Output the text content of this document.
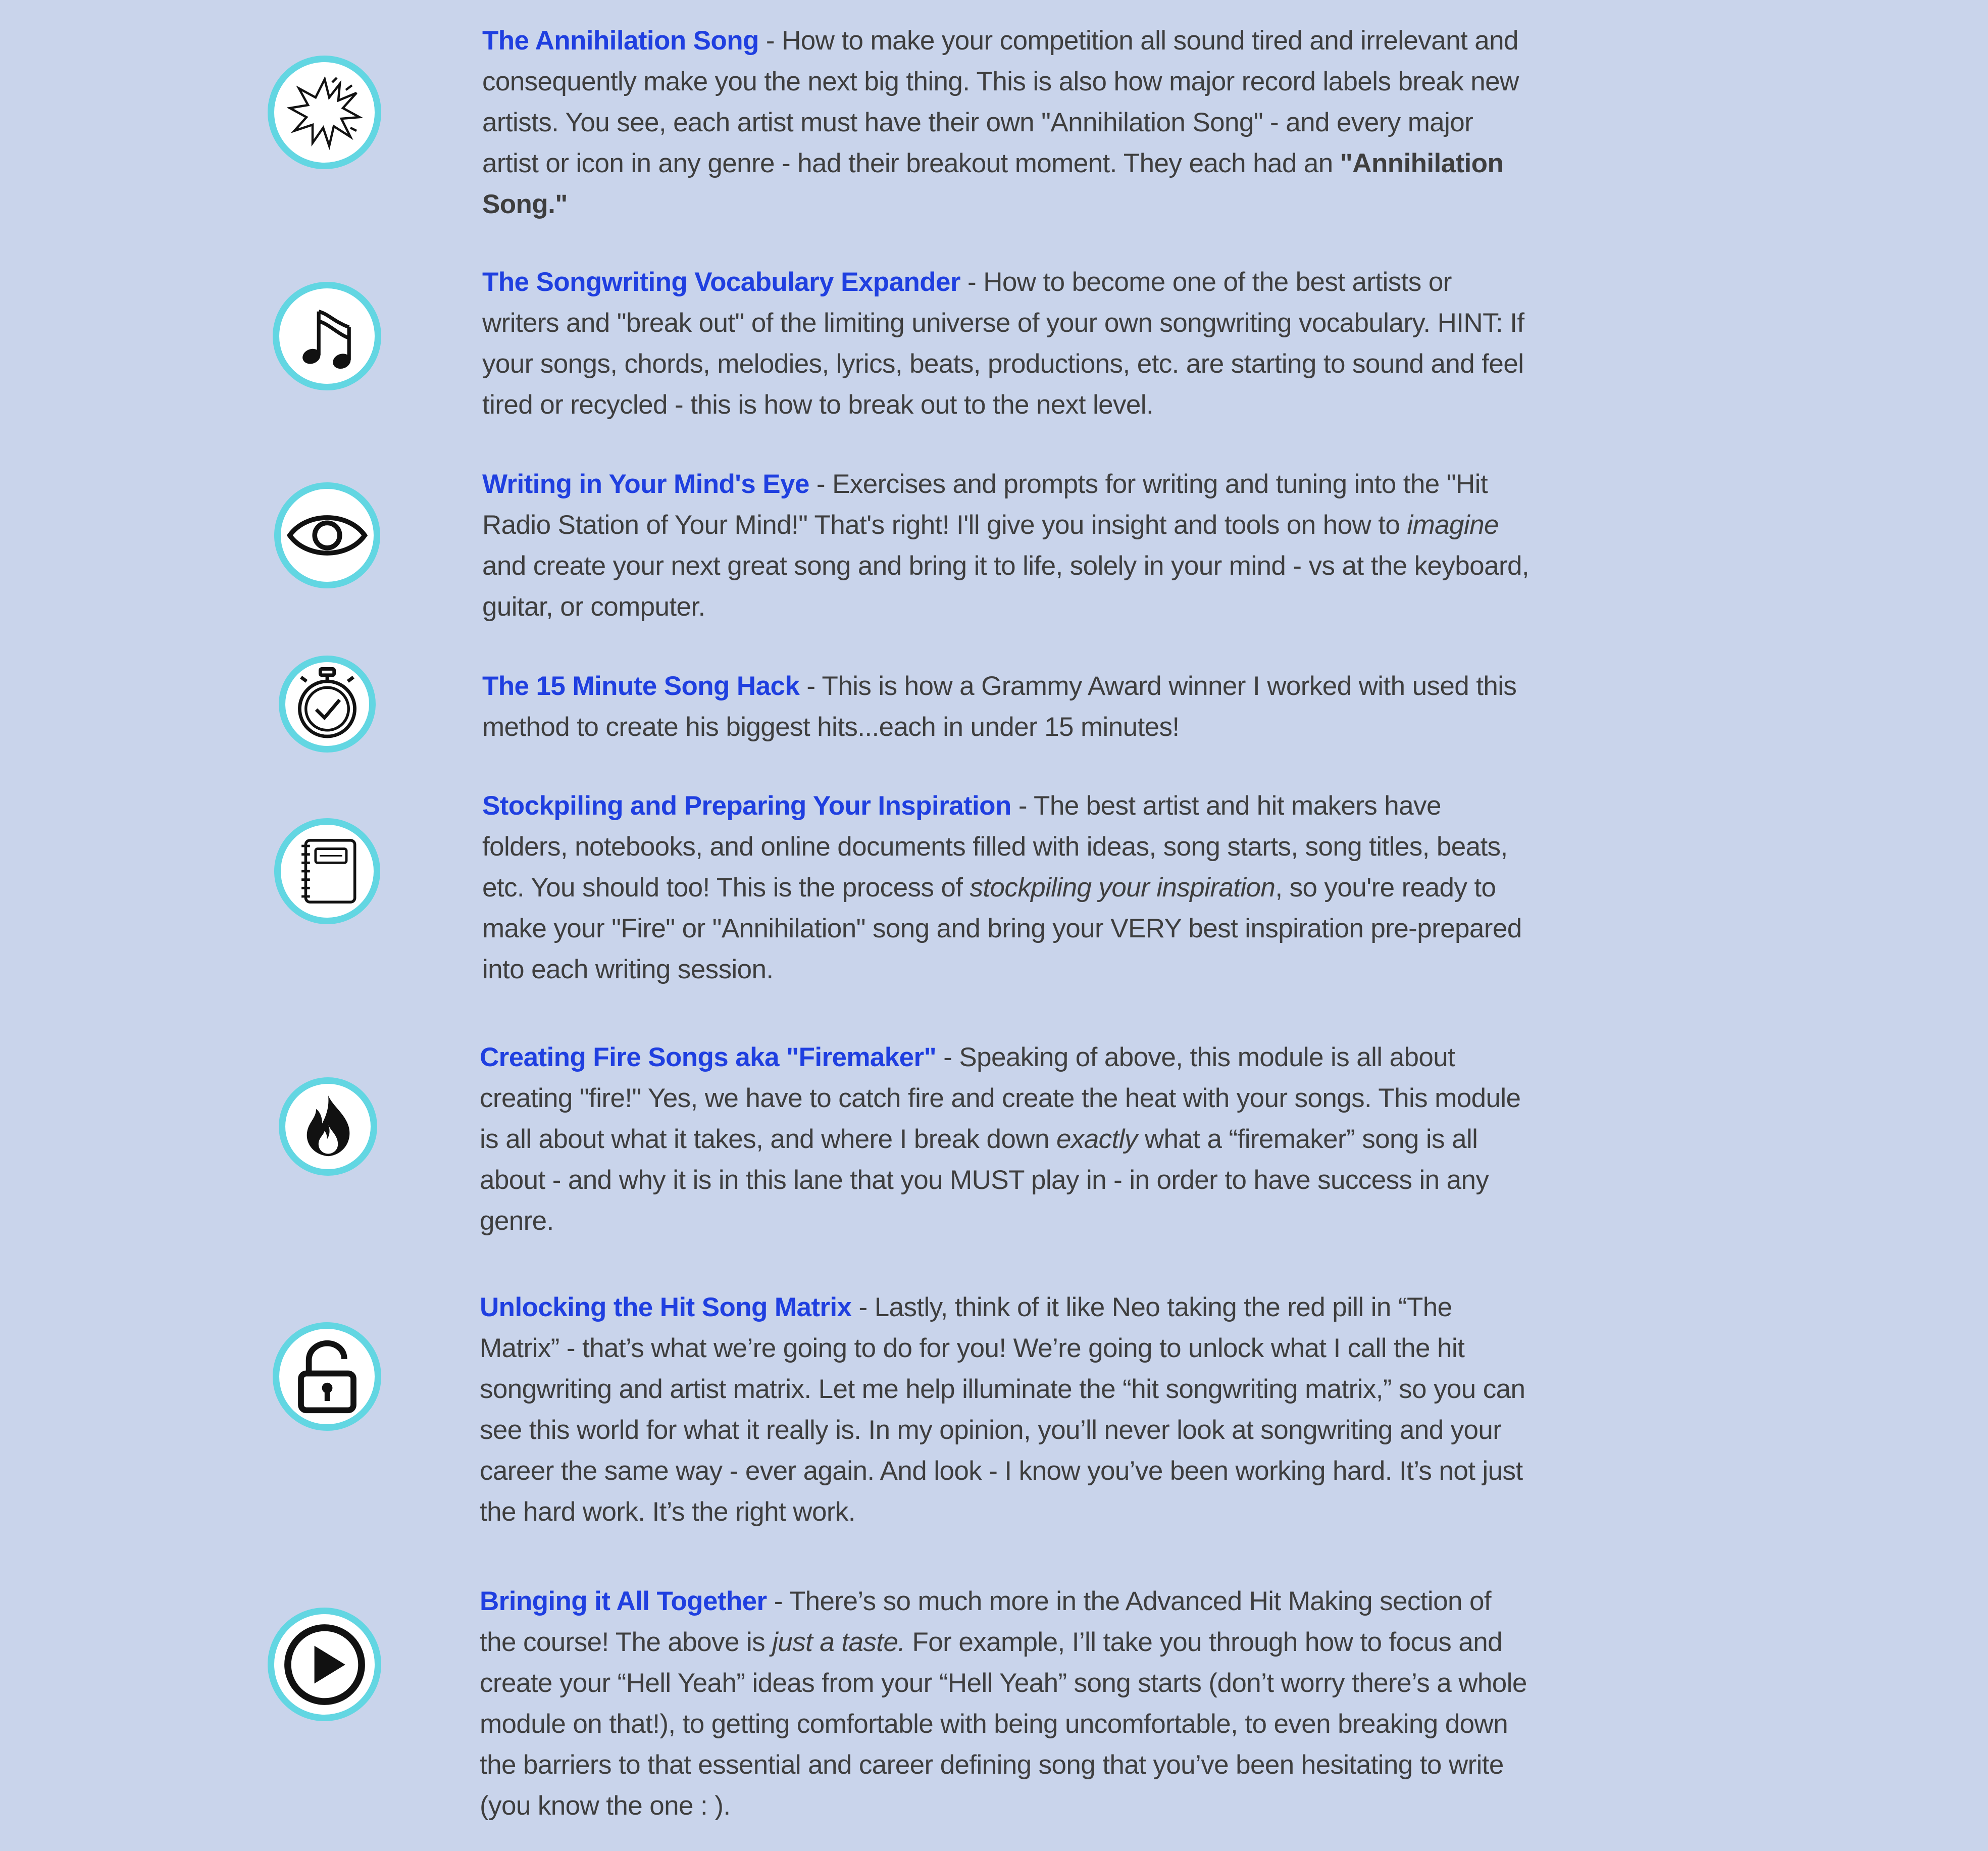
The Annihilation Song - How to make your competition all sound tired and irrelevant and consequently make you the next big thing. This is also how major record labels break new artists. You see, each artist must have their own "Annihilation Song" - and every major artist or icon in any genre - had their breakout moment. They each had an "Annihilation Song."
The Songwriting Vocabulary Expander - How to become one of the best artists or writers and "break out" of the limiting universe of your own songwriting vocabulary. HINT: If your songs, chords, melodies, lyrics, beats, productions, etc. are starting to sound and feel tired or recycled - this is how to break out to the next level.
Writing in Your Mind's Eye - Exercises and prompts for writing and tuning into the "Hit Radio Station of Your Mind!" That's right! I'll give you insight and tools on how to imagine and create your next great song and bring it to life, solely in your mind - vs at the keyboard, guitar, or computer.
The 15 Minute Song Hack - This is how a Grammy Award winner I worked with used this method to create his biggest hits...each in under 15 minutes!
Stockpiling and Preparing Your Inspiration - The best artist and hit makers have folders, notebooks, and online documents filled with ideas, song starts, song titles, beats, etc. You should too! This is the process of stockpiling your inspiration, so you're ready to make your "Fire" or "Annihilation" song and bring your VERY best inspiration pre-prepared into each writing session.
Creating Fire Songs aka "Firemaker" - Speaking of above, this module is all about creating "fire!" Yes, we have to catch fire and create the heat with your songs. This module is all about what it takes, and where I break down exactly what a “firemaker” song is all about - and why it is in this lane that you MUST play in - in order to have success in any genre.
Unlocking the Hit Song Matrix - Lastly, think of it like Neo taking the red pill in “The Matrix” - that’s what we’re going to do for you! We’re going to unlock what I call the hit songwriting and artist matrix. Let me help illuminate the “hit songwriting matrix,” so you can see this world for what it really is. In my opinion, you’ll never look at songwriting and your career the same way - ever again. And look - I know you’ve been working hard. It’s not just the hard work. It’s the right work.
Bringing it All Together - There’s so much more in the Advanced Hit Making section of the course! The above is just a taste. For example, I’ll take you through how to focus and create your “Hell Yeah” ideas from your “Hell Yeah” song starts (don’t worry there’s a whole module on that!), to getting comfortable with being uncomfortable, to even breaking down the barriers to that essential and career defining song that you’ve been hesitating to write (you know the one : ).
